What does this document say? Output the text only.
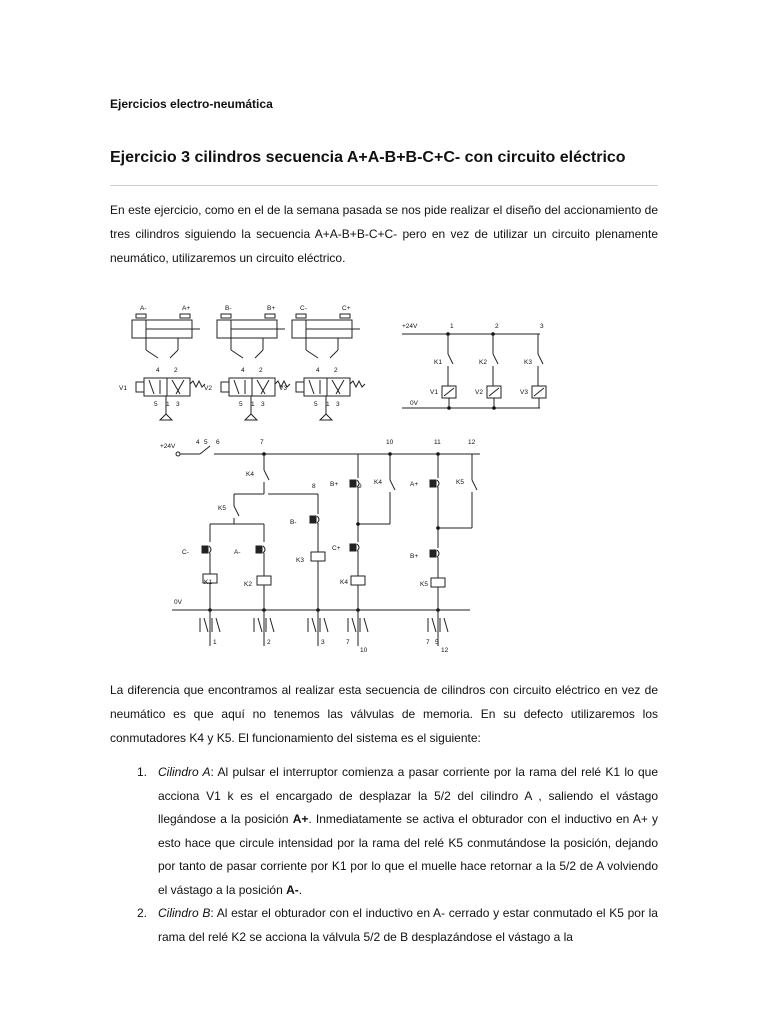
Ejercicios electro-neumática
Ejercicio 3 cilindros secuencia A+A-B+B-C+C- con circuito eléctrico

En este ejercicio, como en el de la semana pasada se nos pide realizar el diseño del accionamiento de tres cilindros siguiendo la secuencia A+A-B+B-C+C- pero en vez de utilizar un circuito plenamente neumático, utilizaremos un circuito eléctrico.

A-	A+
4 2
V1
5 1 3
B-	B+
4 2
V2
5 1 3
C-	C+
4 2
V3
5 1 3
+24V
0V
1
K1
V1
2
K2
V2
3
K3
V3
+24V
0V
4 5 6	7	10	11	12
8	9
K4
K5
C-
K1
A-
K2
B-
K3
K4
B+
C+
K4
A+	K5
B+
K5
1	2	3	7
10
7 5
12

La diferencia que encontramos al realizar esta secuencia de cilindros con circuito eléctrico en vez de neumático es que aquí no tenemos las válvulas de memoria. En su defecto utilizaremos los conmutadores K4 y K5. El funcionamiento del sistema es el siguiente:

1. Cilindro A: Al pulsar el interruptor comienza a pasar corriente por la rama del relé K1 lo que acciona V1 k es el encargado de desplazar la 5/2 del cilindro A , saliendo el vástago llegándose a la posición A+. Inmediatamente se activa el obturador con el inductivo en A+ y esto hace que circule intensidad por la rama del relé K5 conmutándose la posición, dejando por tanto de pasar corriente por K1 por lo que el muelle hace retornar a la 5/2 de A volviendo el vástago a la posición A-.
2. Cilindro B: Al estar el obturador con el inductivo en A- cerrado y estar conmutado el K5 por la rama del relé K2 se acciona la válvula 5/2 de B desplazándose el vástago a la
